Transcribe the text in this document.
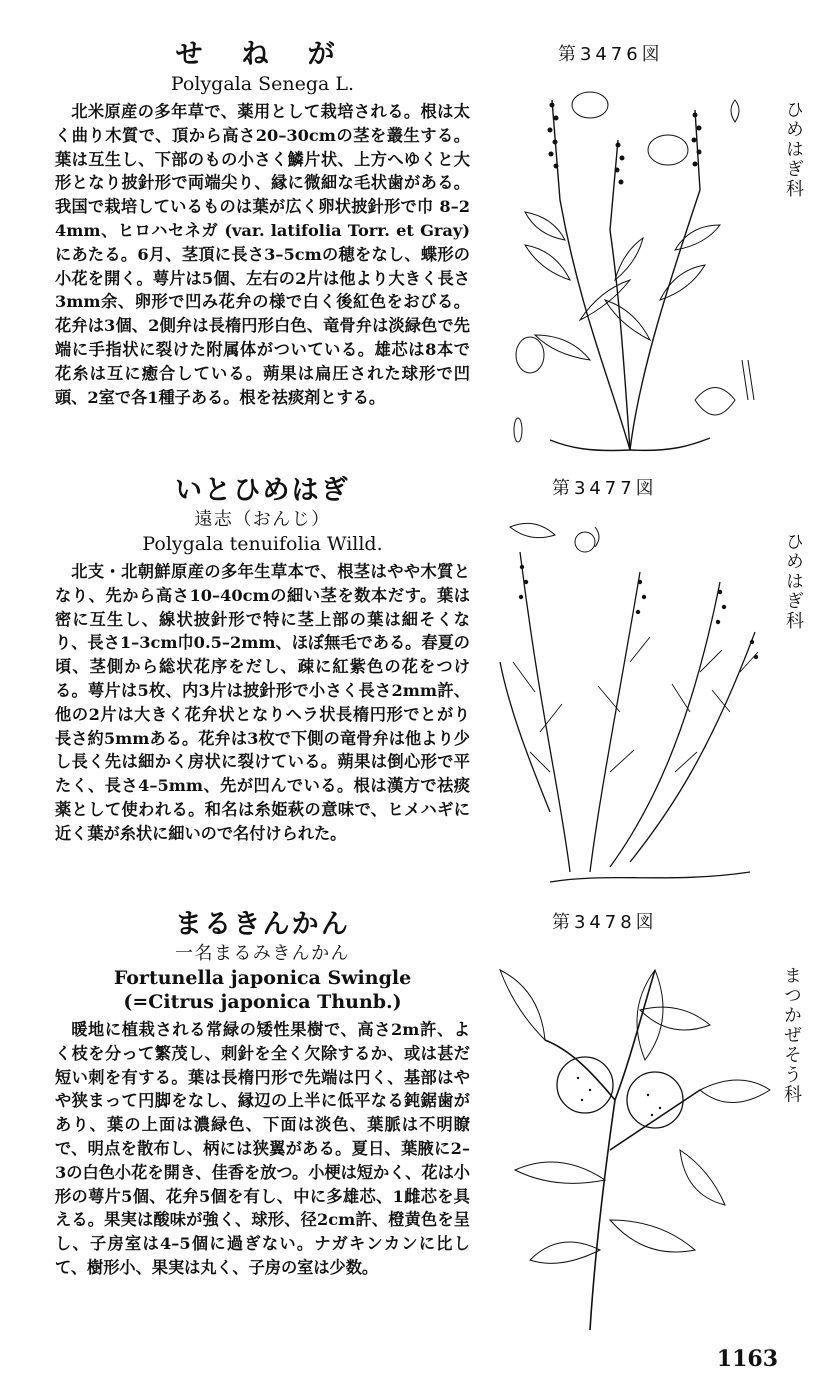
せ ね が

Polygala Senega L.

北米原産の多年草で、薬用として栽培される。根は太く曲り木質で、頂から高さ20–30cmの茎を叢生する。葉は互生し、下部のもの小さく鱗片状、上方へゆくと大形となり披針形で両端尖り、縁に微細な毛状歯がある。我国で栽培しているものは葉が広く卵状披針形で巾 8–24mm、ヒロハセネガ (var. latifolia Torr. et Gray) にあたる。6月、茎頂に長さ3–5cmの穂をなし、蝶形の小花を開く。萼片は5個、左右の2片は他より大きく長さ3mm余、卵形で凹み花弁の様で白く後紅色をおびる。花弁は3個、2側弁は長楕円形白色、竜骨弁は淡緑色で先端に手指状に裂けた附属体がついている。雄芯は8本で花糸は互に癒合している。蒴果は扁圧された球形で凹頭、2室で各1種子ある。根を祛痰剤とする。

いとひめはぎ

遠志（おんじ）

Polygala tenuifolia Willd.

北支・北朝鮮原産の多年生草本で、根茎はやや木質となり、先から高さ10–40cmの細い茎を数本だす。葉は密に互生し、線状披針形で特に茎上部の葉は細そくなり、長さ1–3cm巾0.5–2mm、ほぼ無毛である。春夏の頃、茎側から総状花序をだし、疎に紅紫色の花をつける。萼片は5枚、内3片は披針形で小さく長さ2mm許、他の2片は大きく花弁状となりヘラ状長楕円形でとがり長さ約5mmある。花弁は3枚で下側の竜骨弁は他より少し長く先は細かく房状に裂けている。蒴果は倒心形で平たく、長さ4–5mm、先が凹んでいる。根は漢方で祛痰薬として使われる。和名は糸姫萩の意味で、ヒメハギに近く葉が糸状に細いので名付けられた。

まるきんかん

一名まるみきんかん

Fortunella japonica Swingle

(=Citrus japonica Thunb.)

暖地に植栽される常緑の矮性果樹で、高さ2m許、よく枝を分って繁茂し、刺針を全く欠除するか、或は甚だ短い刺を有する。葉は長楕円形で先端は円く、基部はやや狭まって円脚をなし、縁辺の上半に低平なる鈍鋸歯があり、葉の上面は濃緑色、下面は淡色、葉脈は不明瞭で、明点を散布し、柄には狭翼がある。夏日、葉腋に2–3の白色小花を開き、佳香を放つ。小梗は短かく、花は小形の萼片5個、花弁5個を有し、中に多雄芯、1雌芯を具える。果実は酸味が強く、球形、径2cm許、橙黄色を呈し、子房室は4–5個に過ぎない。ナガキンカンに比して、樹形小、果実は丸く、子房の室は少数。

第3476図
ひめはぎ科
第3477図
ひめはぎ科
第3478図
まつかぜそう科
1163
